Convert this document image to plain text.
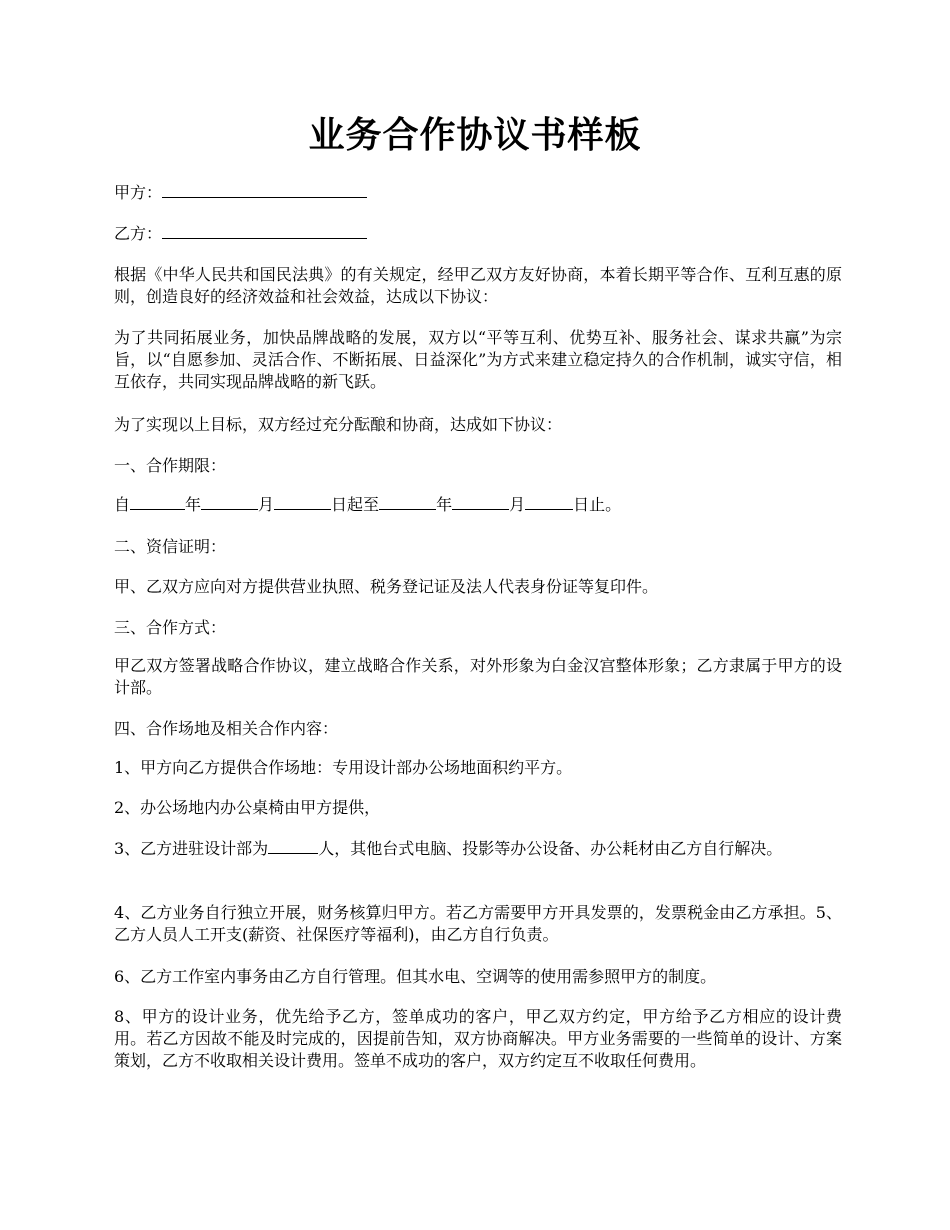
业务合作协议书样板

甲方：

乙方：

根据《中华人民共和国民法典》的有关规定，经甲乙双方友好协商，本着长期平等合作、互利互惠的原则，创造良好的经济效益和社会效益，达成以下协议：

为了共同拓展业务，加快品牌战略的发展，双方以“平等互利、优势互补、服务社会、谋求共赢”为宗旨，以“自愿参加、灵活合作、不断拓展、日益深化”为方式来建立稳定持久的合作机制，诚实守信，相互依存，共同实现品牌战略的新飞跃。

为了实现以上目标，双方经过充分酝酿和协商，达成如下协议：

一、合作期限：

自	年	月	日起至	年	月	日止。

二、资信证明：

甲、乙双方应向对方提供营业执照、税务登记证及法人代表身份证等复印件。

三、合作方式：

甲乙双方签署战略合作协议，建立战略合作关系，对外形象为白金汉宫整体形象；乙方隶属于甲方的设计部。

四、合作场地及相关合作内容：

1、甲方向乙方提供合作场地：专用设计部办公场地面积约平方。

2、办公场地内办公桌椅由甲方提供，

3、乙方进驻设计部为	人，其他台式电脑、投影等办公设备、办公耗材由乙方自行解决。

4、乙方业务自行独立开展，财务核算归甲方。若乙方需要甲方开具发票的，发票税金由乙方承担。5、乙方人员人工开支(薪资、社保医疗等福利)，由乙方自行负责。

6、乙方工作室内事务由乙方自行管理。但其水电、空调等的使用需参照甲方的制度。

8、甲方的设计业务，优先给予乙方，签单成功的客户，甲乙双方约定，甲方给予乙方相应的设计费用。若乙方因故不能及时完成的，因提前告知，双方协商解决。甲方业务需要的一些简单的设计、方案策划，乙方不收取相关设计费用。签单不成功的客户，双方约定互不收取任何费用。
